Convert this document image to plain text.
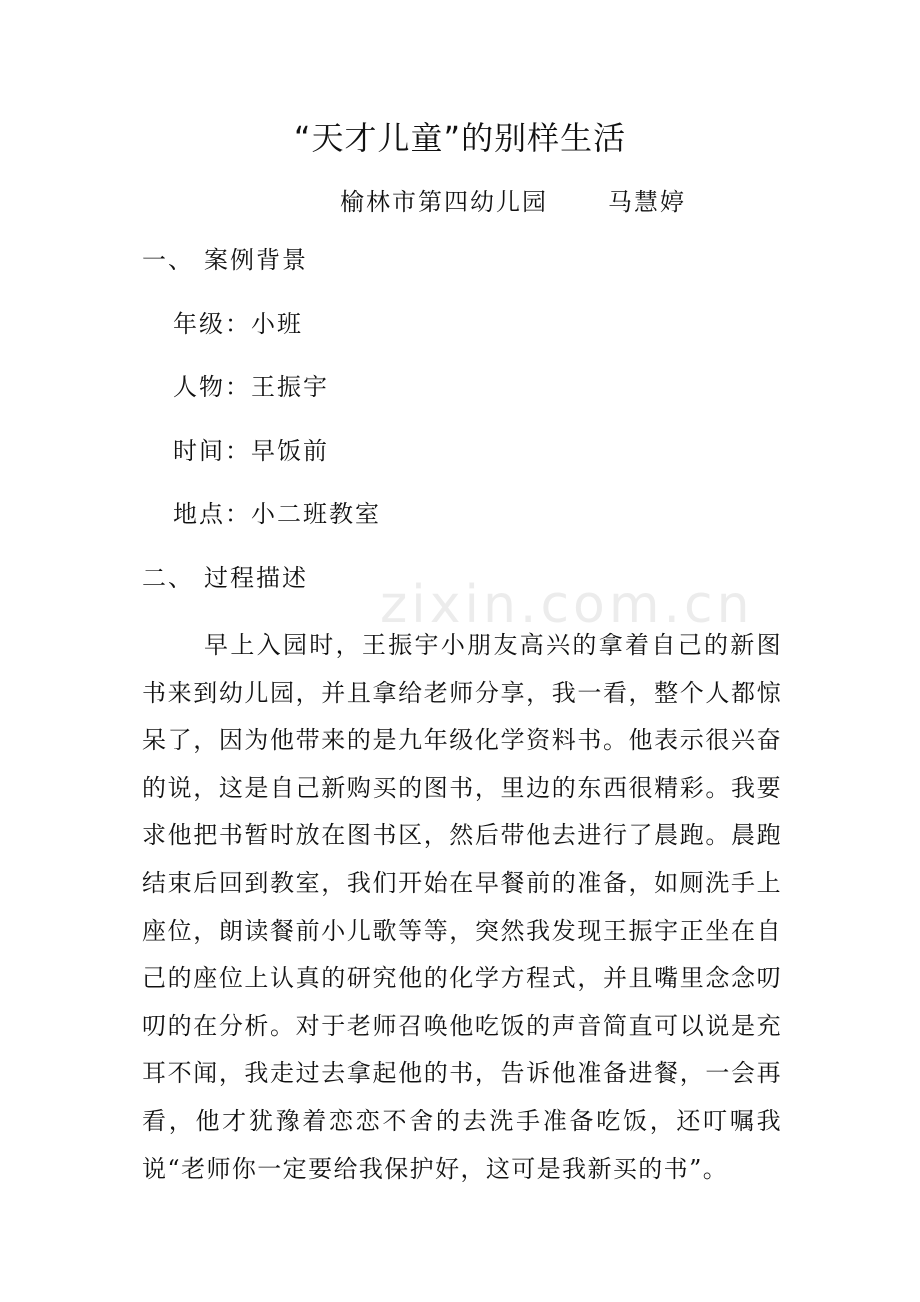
“天才儿童”的别样生活
榆林市第四幼儿园	马慧婷
一、 案例背景
年级：小班
人物：王振宇
时间：早饭前
地点：小二班教室
二、 过程描述 zixin.com.cn

早上入园时，王振宇小朋友高兴的拿着自己的新图书来到幼儿园，并且拿给老师分享，我一看，整个人都惊呆了，因为他带来的是九年级化学资料书。他表示很兴奋的说，这是自己新购买的图书，里边的东西很精彩。我要求他把书暂时放在图书区，然后带他去进行了晨跑。晨跑结束后回到教室，我们开始在早餐前的准备，如厕洗手上座位，朗读餐前小儿歌等等，突然我发现王振宇正坐在自己的座位上认真的研究他的化学方程式，并且嘴里念念叨叨的在分析。对于老师召唤他吃饭的声音简直可以说是充耳不闻，我走过去拿起他的书，告诉他准备进餐，一会再看，他才犹豫着恋恋不舍的去洗手准备吃饭，还叮嘱我说“老师你一定要给我保护好，这可是我新买的书”。
